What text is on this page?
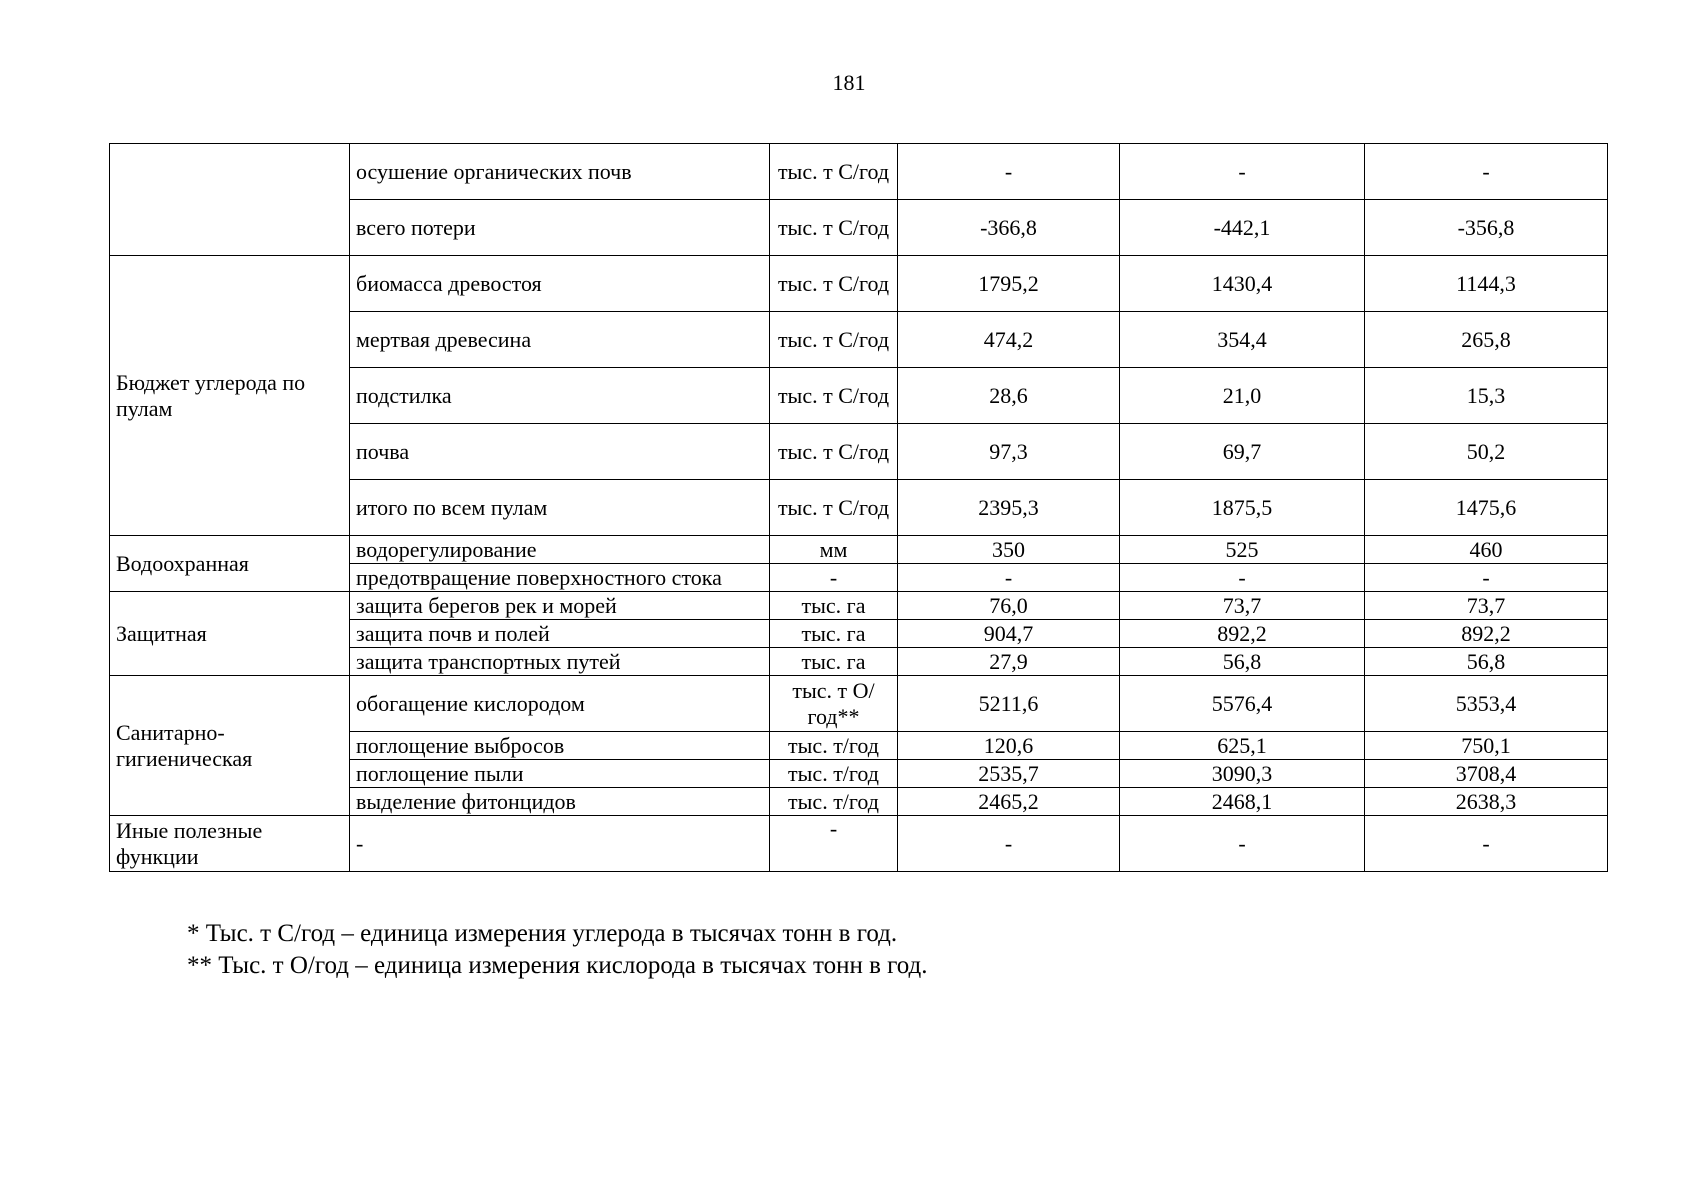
181
	осушение органических почв	тыс. т С/год	-	-	-
	всего потери	тыс. т С/год	-366,8	-442,1	-356,8
Бюджет углерода по пулам	биомасса древостоя	тыс. т С/год	1795,2	1430,4	1144,3
	мертвая древесина	тыс. т С/год	474,2	354,4	265,8
	подстилка	тыс. т С/год	28,6	21,0	15,3
	почва	тыс. т С/год	97,3	69,7	50,2
	итого по всем пулам	тыс. т С/год	2395,3	1875,5	1475,6
Водоохранная	водорегулирование	мм	350	525	460
	предотвращение поверхностного стока	-	-	-	-
Защитная	защита берегов рек и морей	тыс. га	76,0	73,7	73,7
	защита почв и полей	тыс. га	904,7	892,2	892,2
	защита транспортных путей	тыс. га	27,9	56,8	56,8
Санитарно-гигиеническая	обогащение кислородом	тыс. т О/год**	5211,6	5576,4	5353,4
	поглощение выбросов	тыс. т/год	120,6	625,1	750,1
	поглощение пыли	тыс. т/год	2535,7	3090,3	3708,4
	выделение фитонцидов	тыс. т/год	2465,2	2468,1	2638,3
Иные полезные функции	-	-	-	-	-
* Тыс. т С/год – единица измерения углерода в тысячах тонн в год.
** Тыс. т О/год – единица измерения кислорода в тысячах тонн в год.
